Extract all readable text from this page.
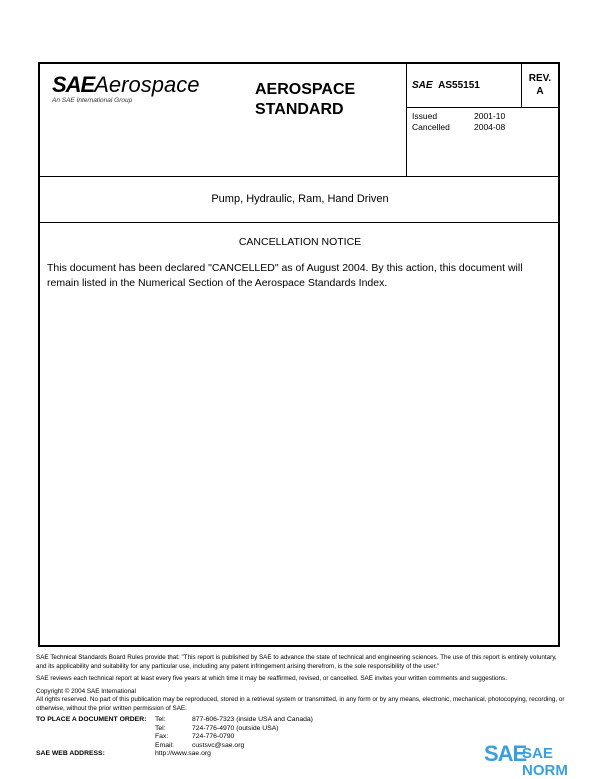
SAEAerospace
An SAE International Group
AEROSPACE
STANDARD
SAE AS55151
REV.
A
Issued	2001-10
Cancelled	2004-08
Pump, Hydraulic, Ram, Hand Driven
CANCELLATION NOTICE
This document has been declared "CANCELLED" as of August 2004. By this action, this document will remain listed in the Numerical Section of the Aerospace Standards Index.
SAE Technical Standards Board Rules provide that: "This report is published by SAE to advance the state of technical and engineering sciences. The use of this report is entirely voluntary, and its applicability and suitability for any particular use, including any patent infringement arising therefrom, is the sole responsibility of the user."
SAE reviews each technical report at least every five years at which time it may be reaffirmed, revised, or cancelled. SAE invites your written comments and suggestions.
Copyright © 2004 SAE International
All rights reserved. No part of this publication may be reproduced, stored in a retrieval system or transmitted, in any form or by any means, electronic, mechanical, photocopying, recording, or otherwise, without the prior written permission of SAE.
TO PLACE A DOCUMENT ORDER:
SAE WEB ADDRESS:
Tel:	877-606-7323 (inside USA and Canada)
Tel:	724-776-4970 (outside USA)
Fax:	724-776-0790
Email:	custsvc@sae.org
http://www.sae.org	SAE
SAE NORM
